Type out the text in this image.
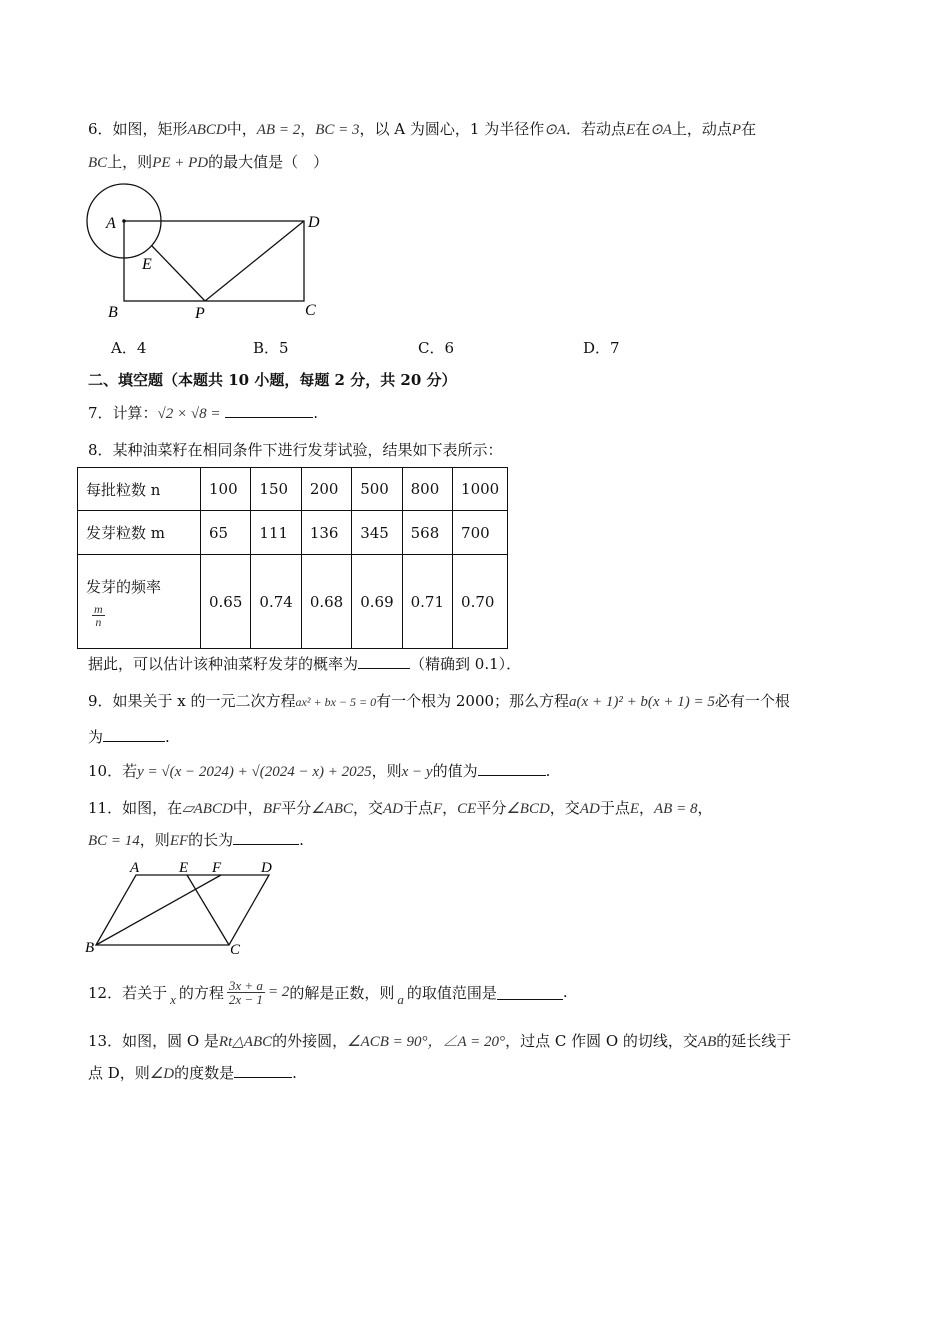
6．如图，矩形ABCD中，AB = 2，BC = 3，以 A 为圆心，1 为半径作⊙A．若动点E在⊙A上，动点P在
BC上，则PE + PD的最大值是（　）
A	D
E
B	P	C
A．4	B．5	C．6	D．7
二、填空题（本题共 10 小题，每题 2 分，共 20 分）
7．计算：√2 × √8 =	.
8．某种油菜籽在相同条件下进行发芽试验，结果如下表所示：
每批粒数 n	100	150	200	500	800	1000
发芽粒数 m	65	111	136	345	568	700

发芽的频率
$\frac{m}{n}$	0.65	0.74	0.68	0.69	0.71	0.70
据此，可以估计该种油菜籽发芽的概率为	（精确到 0.1）．
9．如果关于 x 的一元二次方程ax² + bx − 5 = 0有一个根为 2000；那么方程a(x + 1)² + b(x + 1) = 5必有一个根
为	.
10．若y = √(x − 2024) + √(2024 − x) + 2025，则x − y的值为	.
11．如图，在▱ABCD中，BF平分∠ABC，交AD于点F，CE平分∠BCD，交AD于点E，AB = 8，
BC = 14，则EF的长为	.
A	E F	D
B	C
12．若关于 x 的方程 $\frac{3x + a}{2x - 1} = 2$ 的解是正数，则 a 的取值范围是	.
13．如图，圆 O 是Rt△ABC的外接圆，∠ACB = 90°，∠A = 20°，过点 C 作圆 O 的切线，交AB的延长线于
点 D，则∠D的度数是	.
